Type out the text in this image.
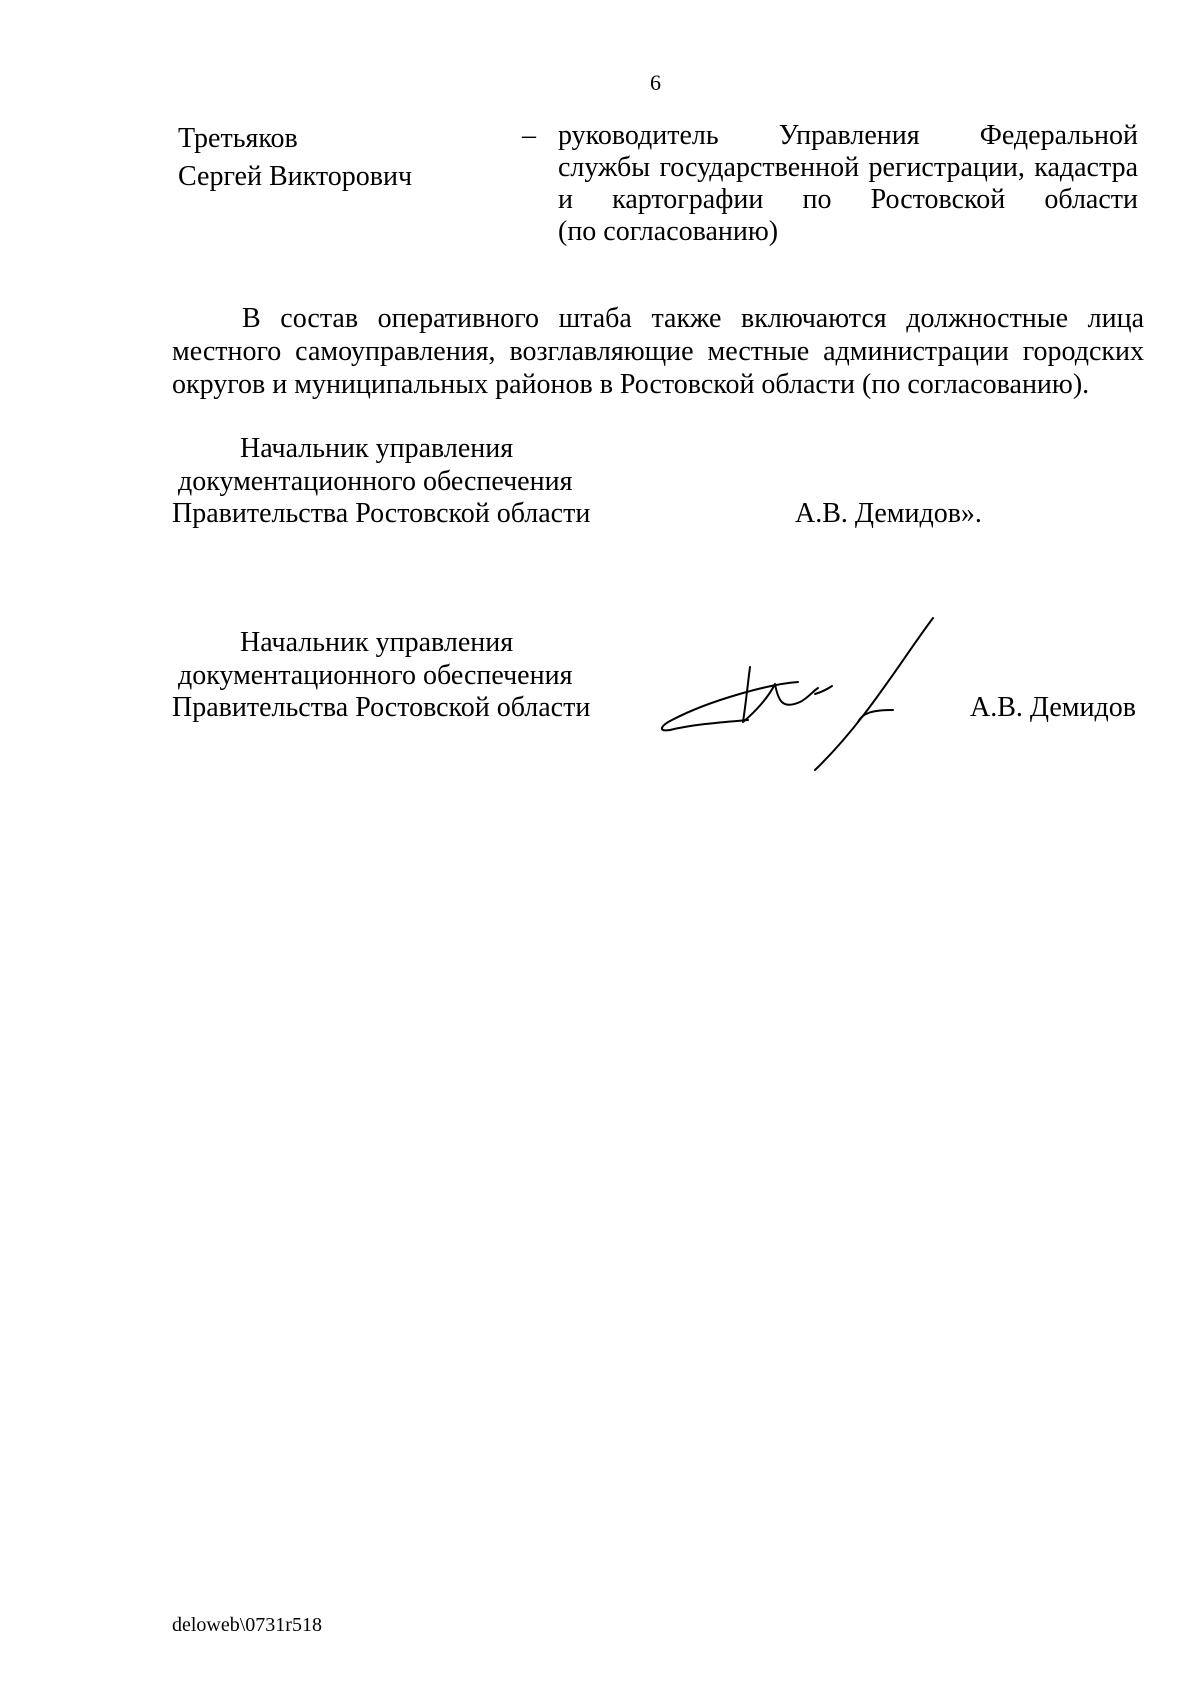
6
Третьяков
Сергей Викторович
– руководитель Управления Федеральной
службы государственной регистрации, кадастра
и картографии по Ростовской области
(по согласованию)
В состав оперативного штаба также включаются должностные лица
местного самоуправления, возглавляющие местные администрации городских
округов и муниципальных районов в Ростовской области (по согласованию).
Начальник управления
документационного обеспечения
Правительства Ростовской области	А.В. Демидов».
Начальник управления
документационного обеспечения
Правительства Ростовской области	А.В. Демидов
deloweb\0731r518
